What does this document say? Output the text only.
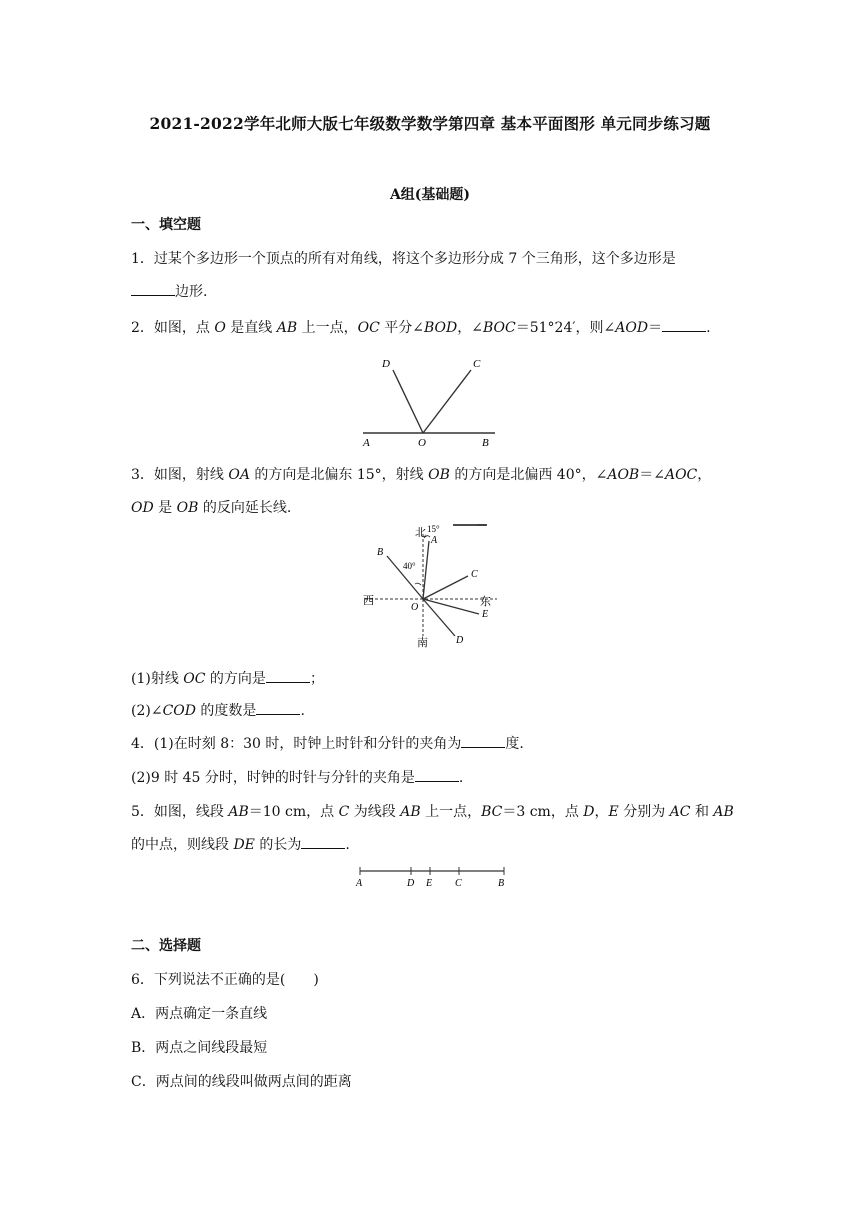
2021-2022学年北师大版七年级数学数学第四章 基本平面图形 单元同步练习题
A组(基础题)
一、填空题
1．过某个多边形一个顶点的所有对角线，将这个多边形分成 7 个三角形，这个多边形是
边形.
2．如图，点 O 是直线 AB 上一点，OC 平分∠BOD，∠BOC＝51°24′，则∠AOD＝	.
D	C
A	O	B
3．如图，射线 OA 的方向是北偏东 15°，射线 OB 的方向是北偏西 40°，∠AOB＝∠AOC，
OD 是 OB 的反向延长线.
北 15°
A
B
40°
C
西
O	东
E
D
南
(1)射线 OC 的方向是	；
(2)∠COD 的度数是	.
4．(1)在时刻 8：30 时，时钟上时针和分针的夹角为	度.
(2)9 时 45 分时，时钟的时针与分针的夹角是	.
5．如图，线段 AB＝10 cm，点 C 为线段 AB 上一点，BC＝3 cm，点 D，E 分别为 AC 和 AB
的中点，则线段 DE 的长为	.
A	D E C	B
二、选择题
6．下列说法不正确的是(　　)
A．两点确定一条直线
B．两点之间线段最短
C．两点间的线段叫做两点间的距离
